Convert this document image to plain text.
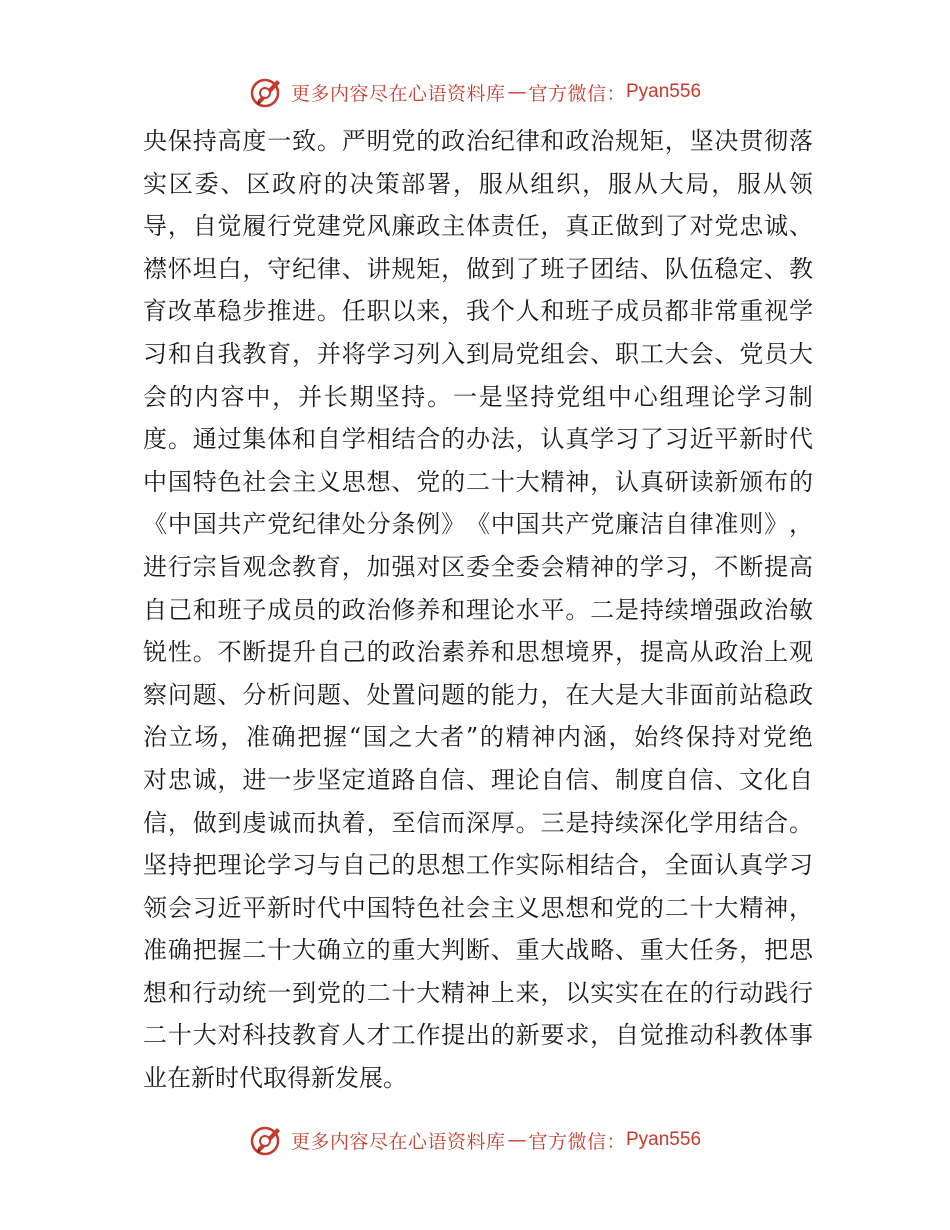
更多内容尽在心语资料库 — 官方微信： Pyan556
央 保 持 高 度 一 致 。 严 明 党 的 政 治 纪 律 和 政 治 规 矩 ， 坚 决 贯 彻 落
实 区 委 、 区 政 府 的 决 策 部 署 ， 服 从 组 织 ， 服 从 大 局 ， 服 从 领
导 ， 自 觉 履 行 党 建 党 风 廉 政 主 体 责 任 ， 真 正 做 到 了 对 党 忠 诚 、
襟 怀 坦 白 ， 守 纪 律 、 讲 规 矩 ， 做 到 了 班 子 团 结 、 队 伍 稳 定 、 教
育 改 革 稳 步 推 进 。 任 职 以 来 ， 我 个 人 和 班 子 成 员 都 非 常 重 视 学
习 和 自 我 教 育 ， 并 将 学 习 列 入 到 局 党 组 会 、 职 工 大 会 、 党 员 大
会 的 内 容 中 ， 并 长 期 坚 持 。 一 是 坚 持 党 组 中 心 组 理 论 学 习 制
度 。 通 过 集 体 和 自 学 相 结 合 的 办 法 ， 认 真 学 习 了 习 近 平 新 时 代
中 国 特 色 社 会 主 义 思 想 、 党 的 二 十 大 精 神 ， 认 真 研 读 新 颁 布 的
《 中 国 共 产 党 纪 律 处 分 条 例 》 《 中 国 共 产 党 廉 洁 自 律 准 则 》 ，
进 行 宗 旨 观 念 教 育 ， 加 强 对 区 委 全 委 会 精 神 的 学 习 ， 不 断 提 高
自 己 和 班 子 成 员 的 政 治 修 养 和 理 论 水 平 。 二 是 持 续 增 强 政 治 敏
锐 性 。 不 断 提 升 自 己 的 政 治 素 养 和 思 想 境 界 ， 提 高 从 政 治 上 观
察 问 题 、 分 析 问 题 、 处 置 问 题 的 能 力 ， 在 大 是 大 非 面 前 站 稳 政
治 立 场 ， 准 确 把 握 “ 国 之 大 者 ” 的 精 神 内 涵 ， 始 终 保 持 对 党 绝
对 忠 诚 ， 进 一 步 坚 定 道 路 自 信 、 理 论 自 信 、 制 度 自 信 、 文 化 自
信 ， 做 到 虔 诚 而 执 着 ， 至 信 而 深 厚 。 三 是 持 续 深 化 学 用 结 合 。
坚 持 把 理 论 学 习 与 自 己 的 思 想 工 作 实 际 相 结 合 ， 全 面 认 真 学 习
领 会 习 近 平 新 时 代 中 国 特 色 社 会 主 义 思 想 和 党 的 二 十 大 精 神 ，
准 确 把 握 二 十 大 确 立 的 重 大 判 断 、 重 大 战 略 、 重 大 任 务 ， 把 思
想 和 行 动 统 一 到 党 的 二 十 大 精 神 上 来 ， 以 实 实 在 在 的 行 动 践 行
二 十 大 对 科 技 教 育 人 才 工 作 提 出 的 新 要 求 ， 自 觉 推 动 科 教 体 事
业在新时代取得新发展。
更多内容尽在心语资料库 — 官方微信： Pyan556
